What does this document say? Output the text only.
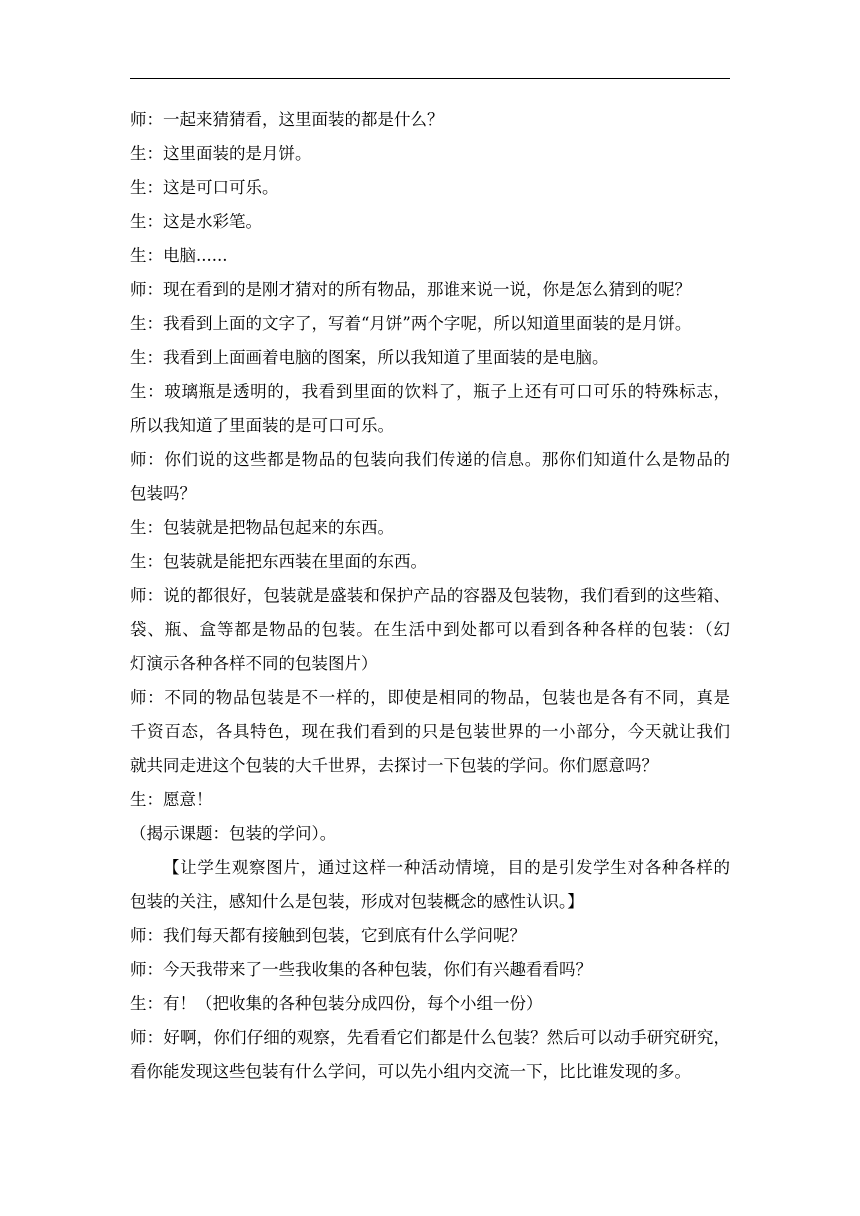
师：一起来猜猜看，这里面装的都是什么？
生：这里面装的是月饼。
生：这是可口可乐。
生：这是水彩笔。
生：电脑......
师：现在看到的是刚才猜对的所有物品，那谁来说一说，你是怎么猜到的呢？
生：我看到上面的文字了，写着“月饼”两个字呢，所以知道里面装的是月饼。
生：我看到上面画着电脑的图案，所以我知道了里面装的是电脑。
生：玻璃瓶是透明的，我看到里面的饮料了，瓶子上还有可口可乐的特殊标志，
所以我知道了里面装的是可口可乐。
师：你们说的这些都是物品的包装向我们传递的信息。那你们知道什么是物品的
包装吗？
生：包装就是把物品包起来的东西。
生：包装就是能把东西装在里面的东西。
师：说的都很好，包装就是盛装和保护产品的容器及包装物，我们看到的这些箱、
袋、瓶、盒等都是物品的包装。在生活中到处都可以看到各种各样的包装：（幻
灯演示各种各样不同的包装图片）
师：不同的物品包装是不一样的，即使是相同的物品，包装也是各有不同，真是
千资百态，各具特色，现在我们看到的只是包装世界的一小部分，今天就让我们
就共同走进这个包装的大千世界，去探讨一下包装的学问。你们愿意吗？
生：愿意！
（揭示课题：包装的学问）。
【让学生观察图片，通过这样一种活动情境，目的是引发学生对各种各样的
包装的关注，感知什么是包装，形成对包装概念的感性认识。】
师：我们每天都有接触到包装，它到底有什么学问呢？
师：今天我带来了一些我收集的各种包装，你们有兴趣看看吗？
生：有！（把收集的各种包装分成四份，每个小组一份）
师：好啊，你们仔细的观察，先看看它们都是什么包装？然后可以动手研究研究，
看你能发现这些包装有什么学问，可以先小组内交流一下，比比谁发现的多。
